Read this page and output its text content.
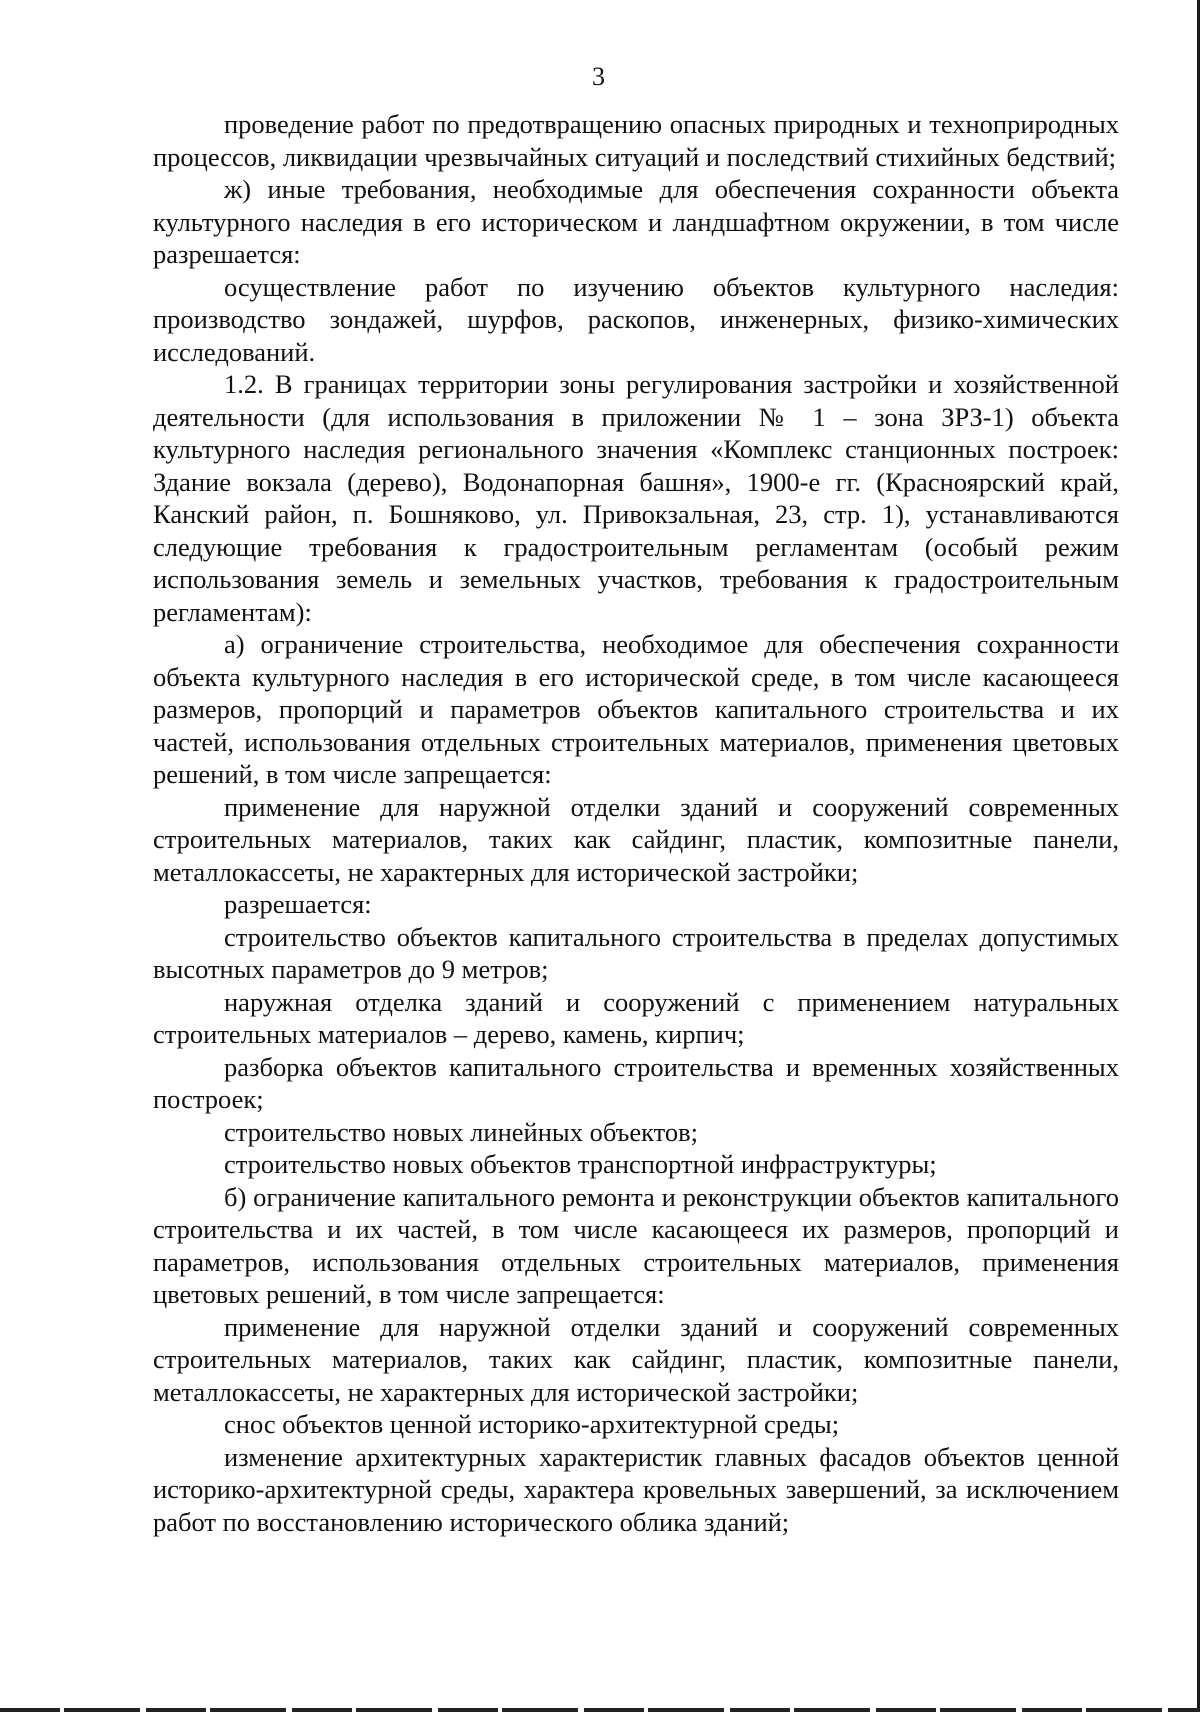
3

проведение работ по предотвращению опасных природных и технoприродных процессов, ликвидации чрезвычайных ситуаций и последствий стихийных бедствий;

ж) иные требования, необходимые для обеспечения сохранности объекта культурного наследия в его историческом и ландшафтном окружении, в том числе разрешается:

осуществление работ по изучению объектов культурного наследия: производство зондажей, шурфов, раскопов, инженерных, физико-химических исследований.

1.2. В границах территории зоны регулирования застройки и хозяйственной деятельности (для использования в приложении № 1 – зона ЗРЗ-1) объекта культурного наследия регионального значения «Комплекс станционных построек: Здание вокзала (дерево), Водонапорная башня», 1900-е гг. (Красноярский край, Канский район, п. Бошняково, ул. Привокзальная, 23, стр. 1), устанавливаются следующие требования к градостроительным регламентам (особый режим использования земель и земельных участков, требования к градостроительным регламентам):

а) ограничение строительства, необходимое для обеспечения сохранности объекта культурного наследия в его исторической среде, в том числе касающееся размеров, пропорций и параметров объектов капитального строительства и их частей, использования отдельных строительных материалов, применения цветовых решений, в том числе запрещается:

применение для наружной отделки зданий и сооружений современных строительных материалов, таких как сайдинг, пластик, композитные панели, металлокассеты, не характерных для исторической застройки;

разрешается:

строительство объектов капитального строительства в пределах допустимых высотных параметров до 9 метров;

наружная отделка зданий и сооружений с применением натуральных строительных материалов – дерево, камень, кирпич;

разборка объектов капитального строительства и временных хозяйственных построек;

строительство новых линейных объектов;

строительство новых объектов транспортной инфраструктуры;

б) ограничение капитального ремонта и реконструкции объектов капитального строительства и их частей, в том числе касающееся их размеров, пропорций и параметров, использования отдельных строительных материалов, применения цветовых решений, в том числе запрещается:

применение для наружной отделки зданий и сооружений современных строительных материалов, таких как сайдинг, пластик, композитные панели, металлокассеты, не характерных для исторической застройки;

снос объектов ценной историко-архитектурной среды;

изменение архитектурных характеристик главных фасадов объектов ценной историко-архитектурной среды, характера кровельных завершений, за исключением работ по восстановлению исторического облика зданий;
